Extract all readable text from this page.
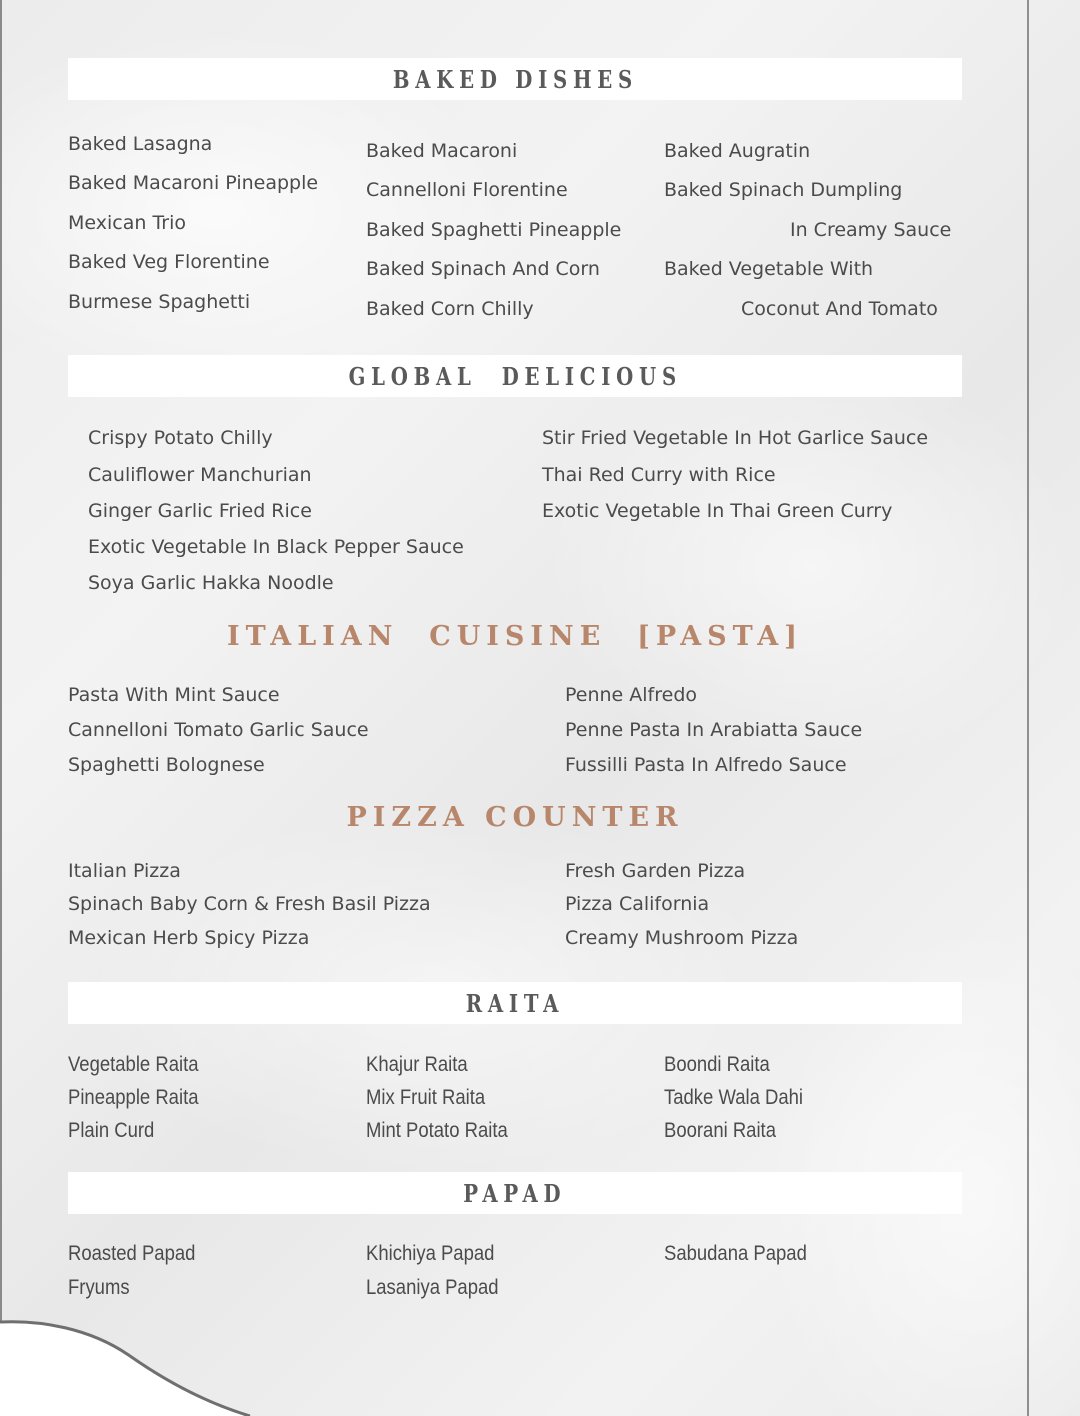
BAKED DISHES
Baked Lasagna
Baked Macaroni Pineapple
Mexican Trio
Baked Veg Florentine
Burmese Spaghetti
Baked Macaroni
Cannelloni Florentine
Baked Spaghetti Pineapple
Baked Spinach And Corn
Baked Corn Chilly
Baked Augratin
Baked Spinach Dumpling
In Creamy Sauce
Baked Vegetable With
Coconut And Tomato
GLOBAL  DELICIOUS
Crispy Potato Chilly
Cauliflower Manchurian
Ginger Garlic Fried Rice
Exotic Vegetable In Black Pepper Sauce
Soya Garlic Hakka Noodle
Stir Fried Vegetable In Hot Garlice Sauce
Thai Red Curry with Rice
Exotic Vegetable In Thai Green Curry
ITALIAN  CUISINE  [PASTA]
Pasta With Mint Sauce
Cannelloni Tomato Garlic Sauce
Spaghetti Bolognese
Penne Alfredo
Penne Pasta In Arabiatta Sauce
Fussilli Pasta In Alfredo Sauce
PIZZA COUNTER
Italian Pizza
Spinach Baby Corn & Fresh Basil Pizza
Mexican Herb Spicy Pizza
Fresh Garden Pizza
Pizza California
Creamy Mushroom Pizza
RAITA
Vegetable Raita
Pineapple Raita
Plain Curd
Khajur Raita
Mix Fruit Raita
Mint Potato Raita
Boondi Raita
Tadke Wala Dahi
Boorani Raita
PAPAD
Roasted Papad
Fryums
Khichiya Papad
Lasaniya Papad
Sabudana Papad
